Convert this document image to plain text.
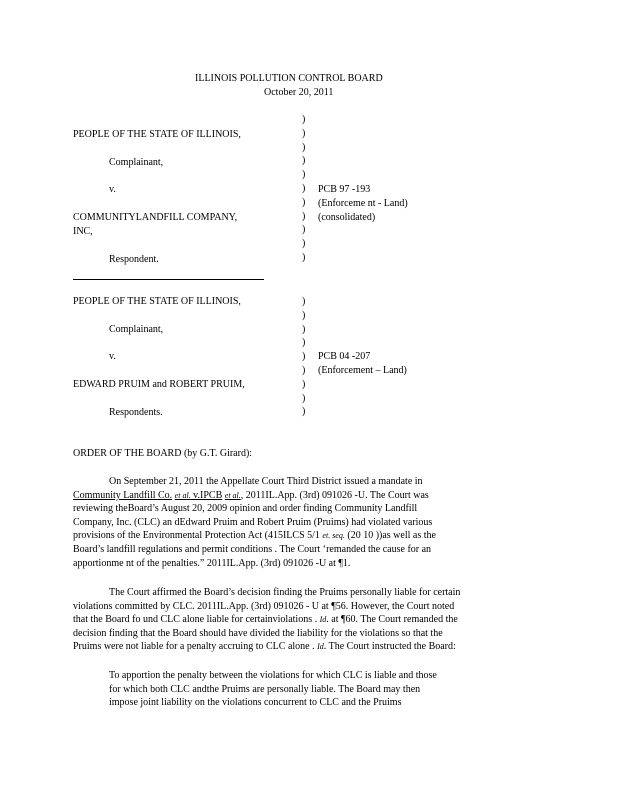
ILLINOIS POLLUTION CONTROL BOARD
October 20, 2011
PEOPLE OF THE STATE OF ILLINOIS,
Complainant,
v.
COMMUNITYLANDFILL COMPANY,
INC,
Respondent.
PCB 97 -193
(Enforceme nt - Land)
(consolidated)
)
)
)
)
)
)
)
)
)
)
)
PEOPLE OF THE STATE OF ILLINOIS,
Complainant,
v.
EDWARD PRUIM and ROBERT PRUIM,
Respondents.
PCB 04 -207
(Enforcement – Land)
)
)
)
)
)
)
)
)
)
ORDER OF THE BOARD (by G.T. Girard):
On September 21, 2011 the Appellate Court Third District issued a mandate in
Community Landfill Co. et al. v.IPCB et al., 2011IL.App. (3rd) 091026 -U. The Court was
reviewing theBoard’s August 20, 2009 opinion and order finding Community Landfill
Company, Inc. (CLC) an dEdward Pruim and Robert Pruim (Pruims) had violated various
provisions of the Environmental Protection Act (415ILCS 5/1 et. seq. (20 10 ))as well as the
Board’s landfill regulations and permit conditions . The Court ‘remanded the cause for an
apportionme nt of the penalties.” 2011IL.App. (3rd) 091026 -U at ¶1.
The Court affirmed the Board’s decision finding the Pruims personally liable for certain
violations committed by CLC. 2011IL.App. (3rd) 091026 - U at ¶56. However, the Court noted
that the Board fo und CLC alone liable for certainviolations . Id. at ¶60. The Court remanded the
decision finding that the Board should have divided the liability for the violations so that the
Pruims were not liable for a penalty accruing to CLC alone . Id. The Court instructed the Board:
To apportion the penalty between the violations for which CLC is liable and those
for which both CLC andthe Pruims are personally liable. The Board may then
impose joint liability on the violations concurrent to CLC and the Pruims
